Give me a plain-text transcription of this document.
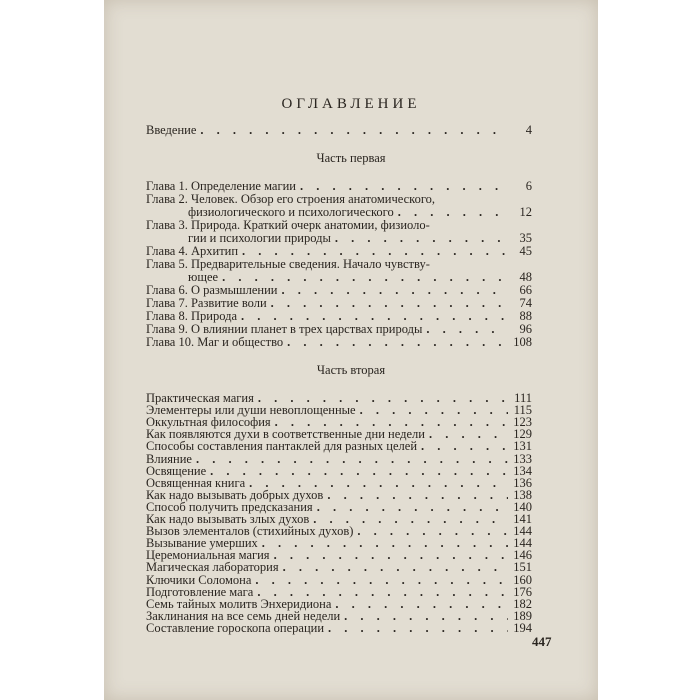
ОГЛАВЛЕНИЕ
Введение . . .	4
Часть первая
Глава 1. Определение магии . . .	6
Глава 2. Человек. Обзор его строения анатомического,
физиологического и психологического . . .	12
Глава 3. Природа. Краткий очерк анатомии, физиоло-
гии и психологии природы . . .	35
Глава 4. Архитип . . .	45
Глава 5. Предварительные сведения. Начало чувству-
ющее . . .	48
Глава 6. О размышлении . . .	66
Глава 7. Развитие воли . . .	74
Глава 8. Природа . . .	88
Глава 9. О влиянии планет в трех царствах природы . . .	96
Глава 10. Маг и общество . . .	108
Часть вторая
Практическая магия . . .	111
Элементеры или души невоплощенные . . .	115
Оккультная философия . . .	123
Как появляются духи в соответственные дни недели . . .	129
Способы составления пантаклей для разных целей . . .	131
Влияние . . .	133
Освящение . . .	134
Освященная книга . . .	136
Как надо вызывать добрых духов . . .	138
Способ получить предсказания . . .	140
Как надо вызывать злых духов . . .	141
Вызов элементалов (стихийных духов) . . .	144
Вызывание умерших . . .	144
Церемониальная магия . . .	146
Магическая лаборатория . . .	151
Ключики Соломона . . .	160
Подготовление мага . . .	176
Семь тайных молитв Энхеридиона . . .	182
Заклинания на все семь дней недели . . .	189
Составление гороскопа операции . . .	194
447
